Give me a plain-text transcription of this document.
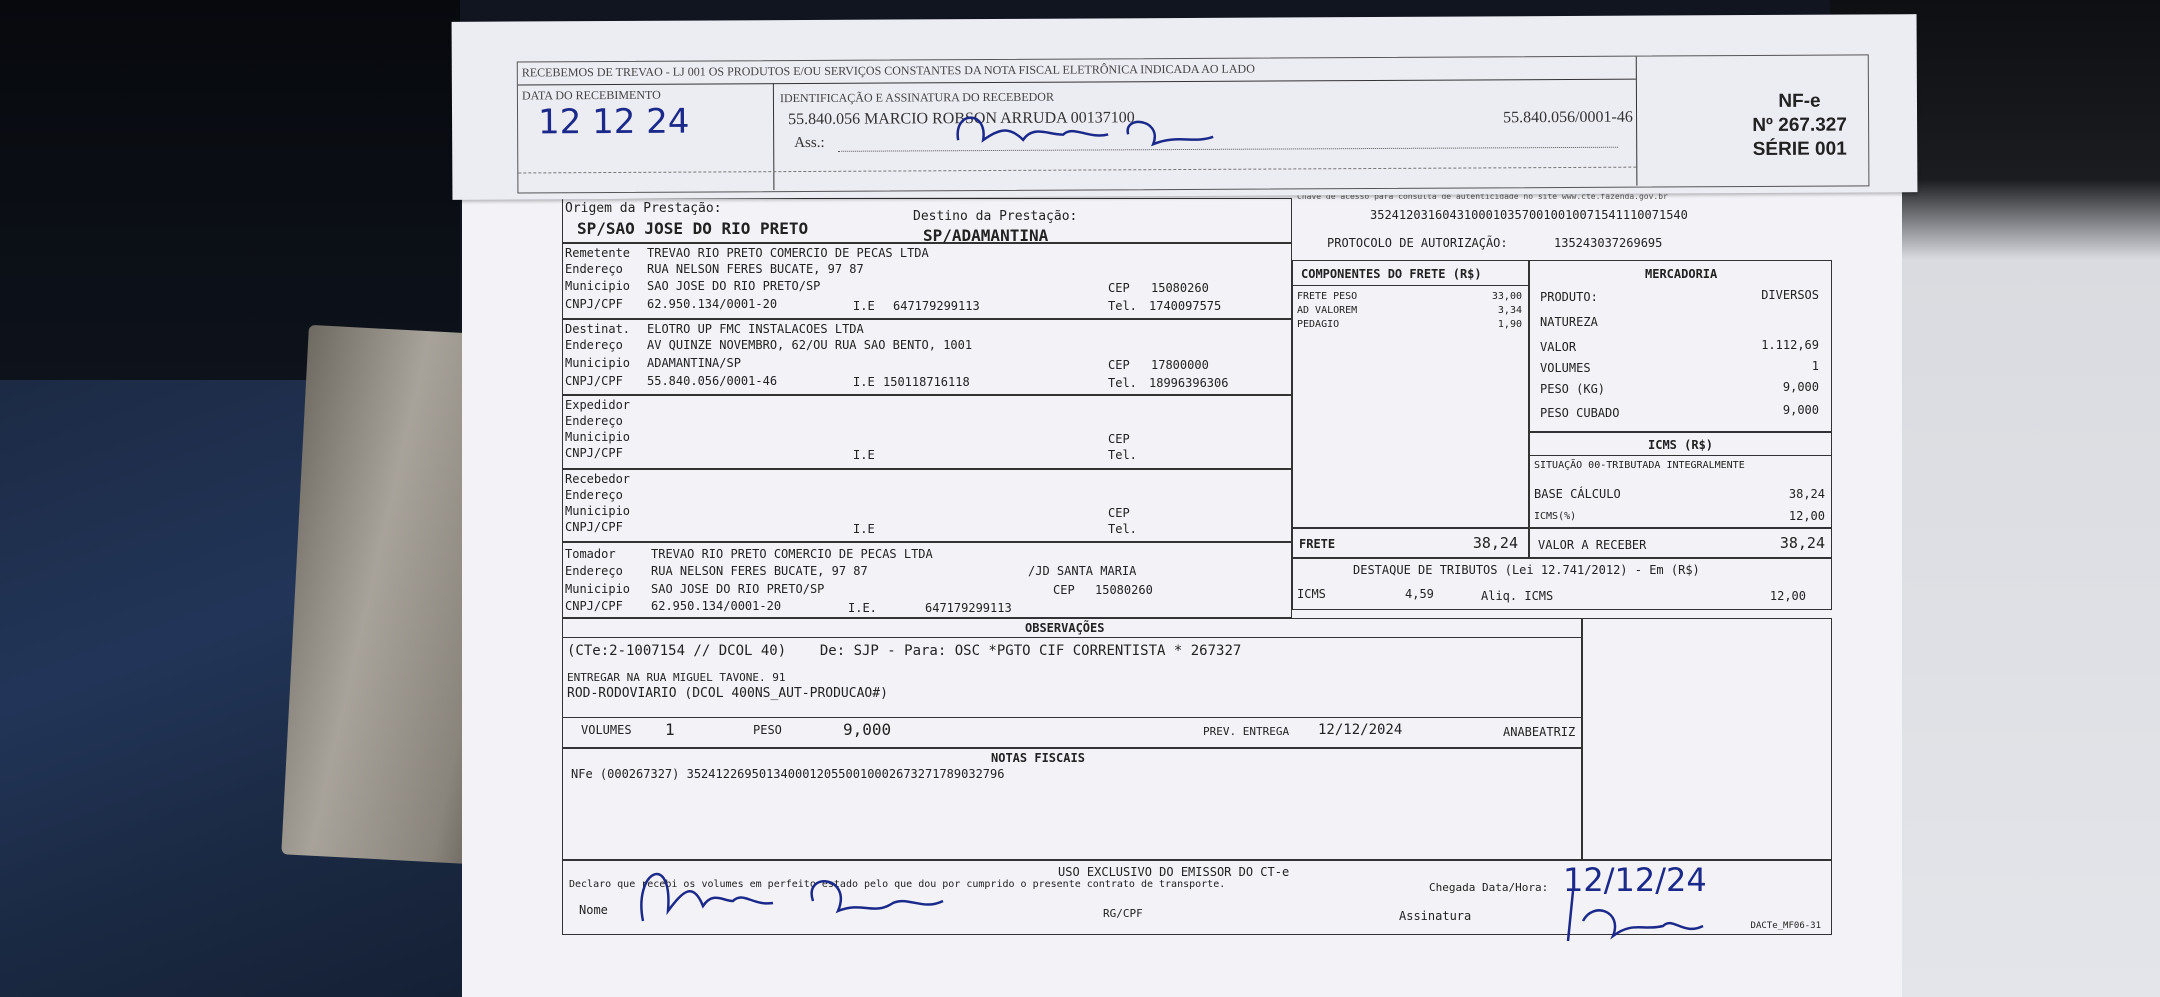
Origem da Prestação:
SP/SAO JOSE DO RIO PRETO
Destino da Prestação:
SP/ADAMANTINA
Chave de acesso para consulta de autenticidade no site www.cte.fazenda.gov.br
35241203160431000103570010010071541110071540
PROTOCOLO DE AUTORIZAÇÃO:	135243037269695
Remetente TREVAO RIO PRETO COMERCIO DE PECAS LTDA
Endereço RUA NELSON FERES BUCATE, 97 87
Municipio SAO JOSE DO RIO PRETO/SP	CEP 15080260
CNPJ/CPF 62.950.134/0001-20	I.E 647179299113	Tel. 1740097575
Destinat. ELOTRO UP FMC INSTALACOES LTDA
Endereço AV QUINZE NOVEMBRO, 62/OU RUA SAO BENTO, 1001
Municipio ADAMANTINA/SP	CEP 17800000
CNPJ/CPF 55.840.056/0001-46	I.E 150118716118	Tel. 18996396306
Expedidor
Endereço
Municipio	CEP
CNPJ/CPF	I.E	Tel.
Recebedor
Endereço
Municipio	CEP
CNPJ/CPF	I.E	Tel.
Tomador	TREVAO RIO PRETO COMERCIO DE PECAS LTDA
Endereço RUA NELSON FERES BUCATE, 97 87	/JD SANTA MARIA
Municipio SAO JOSE DO RIO PRETO/SP	CEP 15080260
CNPJ/CPF 62.950.134/0001-20	I.E.	647179299113
COMPONENTES DO FRETE (R$)
FRETE PESO	33,00
AD VALOREM	3,34
PEDAGIO	1,90
FRETE	38,24
MERCADORIA
PRODUTO:	DIVERSOS
NATUREZA
VALOR	1.112,69
VOLUMES	1
PESO (KG)	9,000
PESO CUBADO	9,000
ICMS (R$)
SITUAÇÃO 00-TRIBUTADA INTEGRALMENTE
BASE CÁLCULO	38,24
ICMS(%)	12,00
VALOR A RECEBER	38,24
DESTAQUE DE TRIBUTOS (Lei 12.741/2012) - Em (R$)
ICMS	4,59	Aliq. ICMS	12,00
OBSERVAÇÕES
(CTe:2-1007154 // DCOL 40)    De: SJP - Para: OSC *PGTO CIF CORRENTISTA * 267327
ENTREGAR NA RUA MIGUEL TAVONE. 91
ROD-RODOVIARIO (DCOL 400NS_AUT-PRODUCAO#)
VOLUMES 1	PESO	9,000	PREV. ENTREGA 12/12/2024	ANABEATRIZ
NOTAS FISCAIS
NFe (000267327) 35241226950134000120550010002673271789032796
USO EXCLUSIVO DO EMISSOR DO CT-e
Declaro que recebi os volumes em perfeito estado pelo que dou por cumprido o presente contrato de transporte.	Chegada Data/Hora: 12/12/24
Nome	RG/CPF	Assinatura
DACTe_MF06-31
RECEBEMOS DE TREVAO - LJ 001 OS PRODUTOS E/OU SERVIÇOS CONSTANTES DA NOTA FISCAL ELETRÔNICA INDICADA AO LADO
DATA DO RECEBIMENTO
12 12 24
IDENTIFICAÇÃO E ASSINATURA DO RECEBEDOR
55.840.056 MARCIO ROBSON ARRUDA 00137100	55.840.056/0001-46
Ass.:
NF-e
Nº 267.327
SÉRIE 001
